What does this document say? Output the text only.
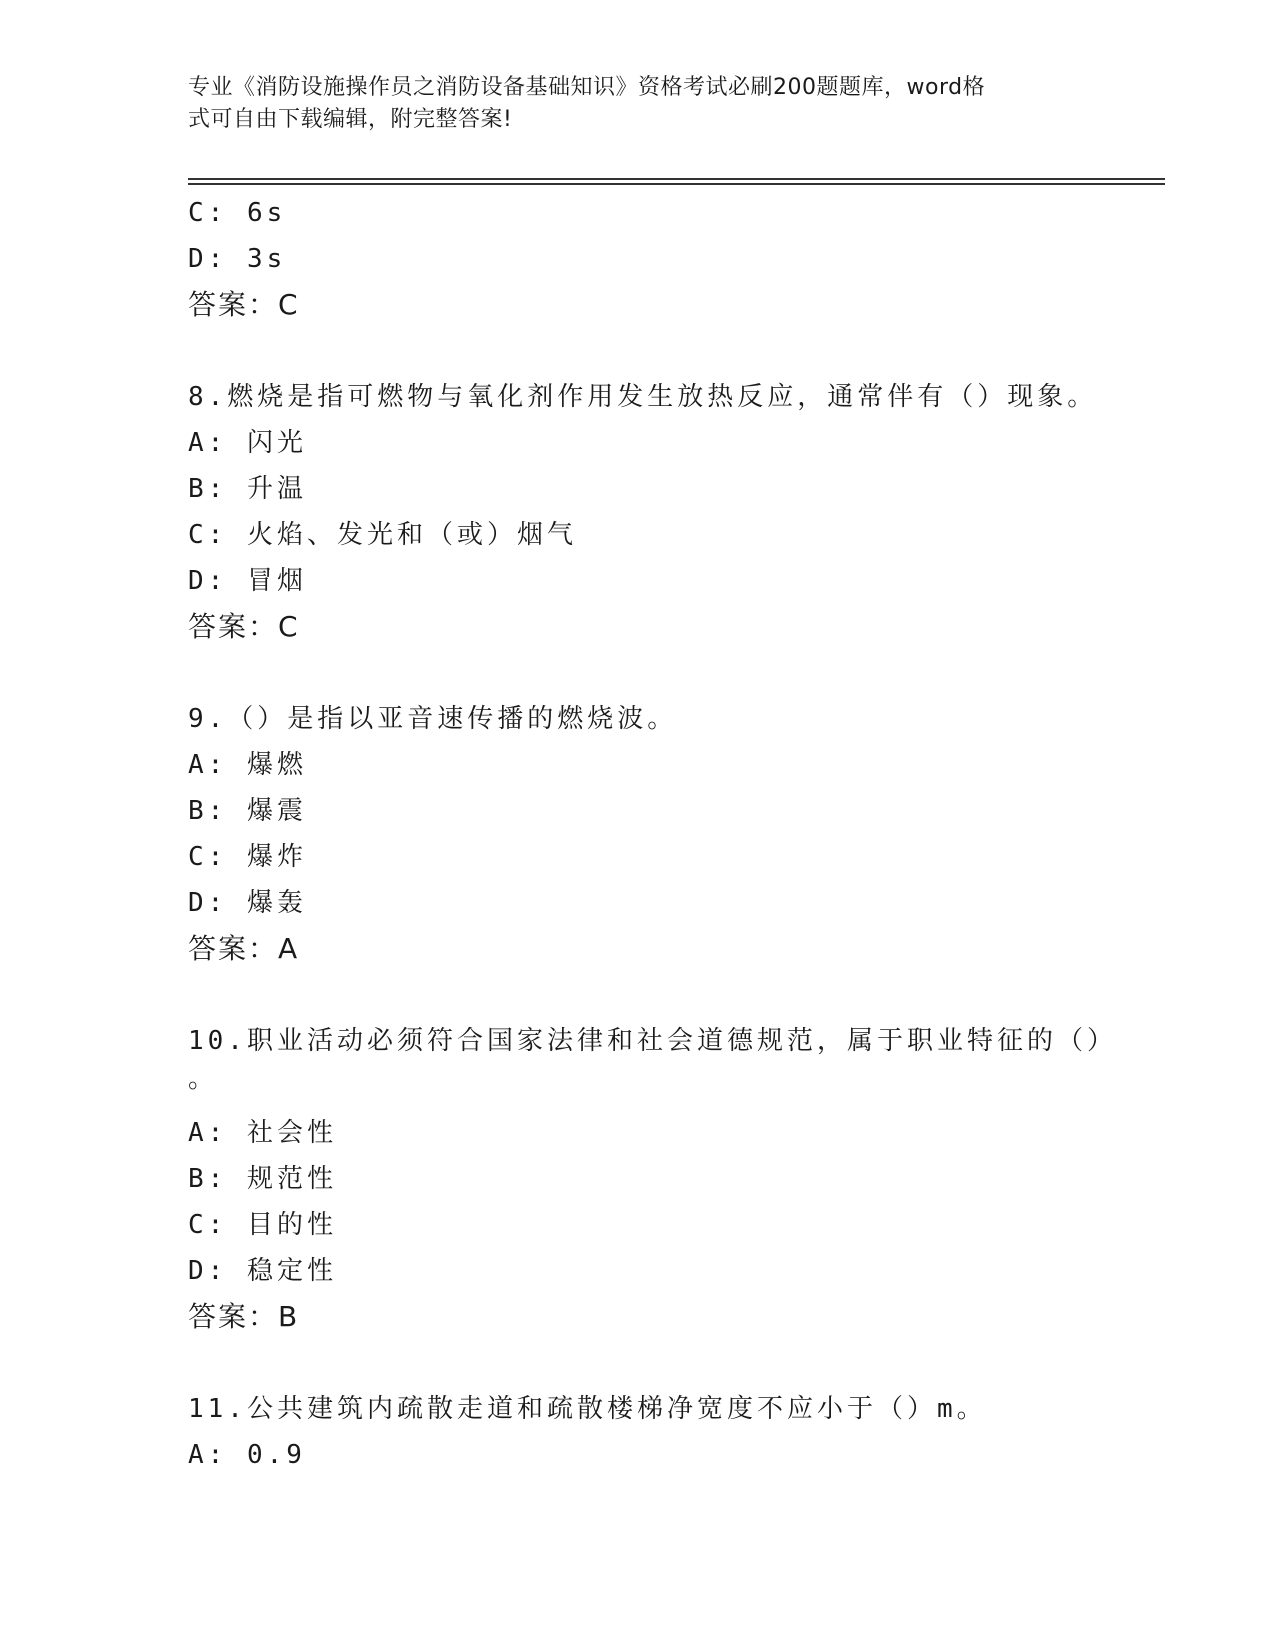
专业《消防设施操作员之消防设备基础知识》资格考试必刷200题题库，word格
式可自由下载编辑，附完整答案!
C: 6s
D: 3s
答案：C
8.燃烧是指可燃物与氧化剂作用发生放热反应，通常伴有（）现象。
A: 闪光
B: 升温
C: 火焰、发光和（或）烟气
D: 冒烟
答案：C
9.（）是指以亚音速传播的燃烧波。
A: 爆燃
B: 爆震
C: 爆炸
D: 爆轰
答案：A
10.职业活动必须符合国家法律和社会道德规范，属于职业特征的（）
。
A: 社会性
B: 规范性
C: 目的性
D: 稳定性
答案：B
11.公共建筑内疏散走道和疏散楼梯净宽度不应小于（）m。
A: 0.9
